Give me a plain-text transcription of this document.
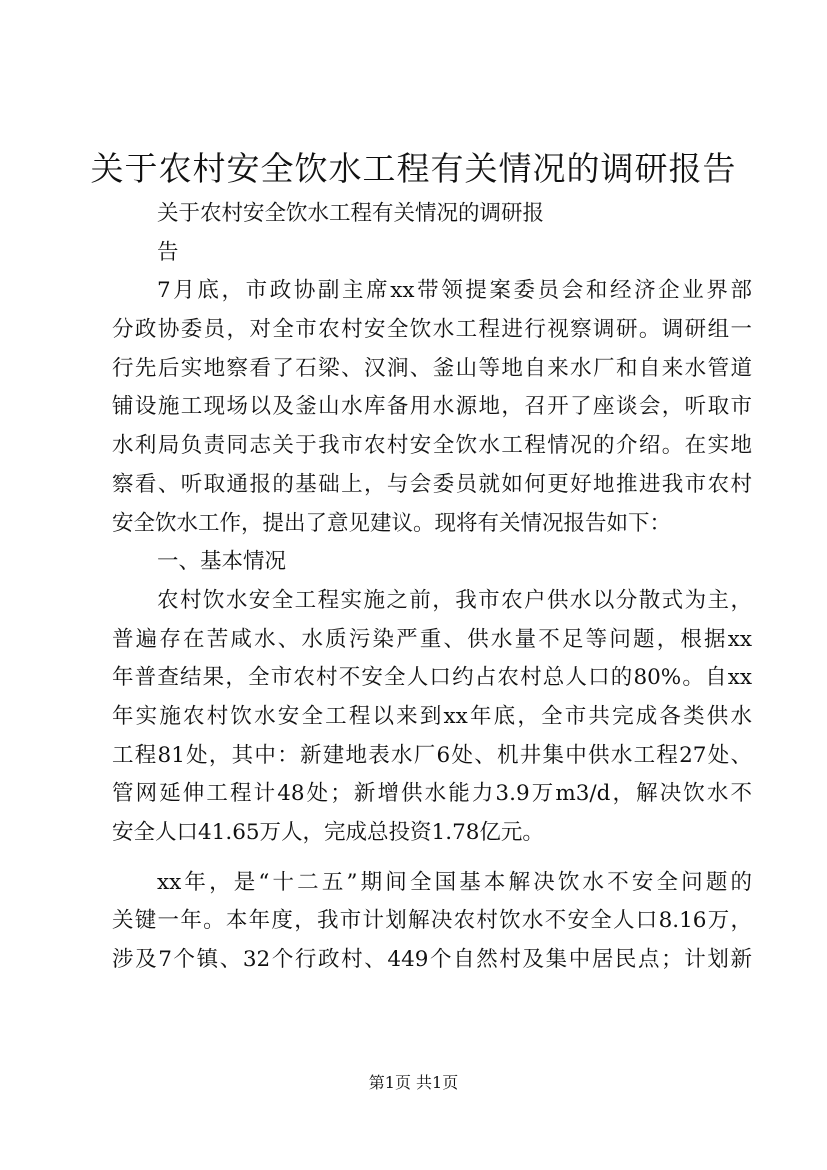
关于农村安全饮水工程有关情况的调研报告
关于农村安全饮水工程有关情况的调研报
告
7月底，市政协副主席xx带领提案委员会和经济企业界部
分政协委员，对全市农村安全饮水工程进行视察调研。调研组一
行先后实地察看了石梁、汉涧、釜山等地自来水厂和自来水管道
铺设施工现场以及釜山水库备用水源地，召开了座谈会，听取市
水利局负责同志关于我市农村安全饮水工程情况的介绍。在实地
察看、听取通报的基础上，与会委员就如何更好地推进我市农村
安全饮水工作，提出了意见建议。现将有关情况报告如下：
一、基本情况
农村饮水安全工程实施之前，我市农户供水以分散式为主，
普遍存在苦咸水、水质污染严重、供水量不足等问题，根据xx
年普查结果，全市农村不安全人口约占农村总人口的80%。自xx
年实施农村饮水安全工程以来到xx年底，全市共完成各类供水
工程81处，其中：新建地表水厂6处、机井集中供水工程27处、
管网延伸工程计48处；新增供水能力3.9万m3/d，解决饮水不
安全人口41.65万人，完成总投资1.78亿元。
xx年，是“十二五”期间全国基本解决饮水不安全问题的
关键一年。本年度，我市计划解决农村饮水不安全人口8.16万，
涉及7个镇、32个行政村、449个自然村及集中居民点；计划新
第1页 共1页
